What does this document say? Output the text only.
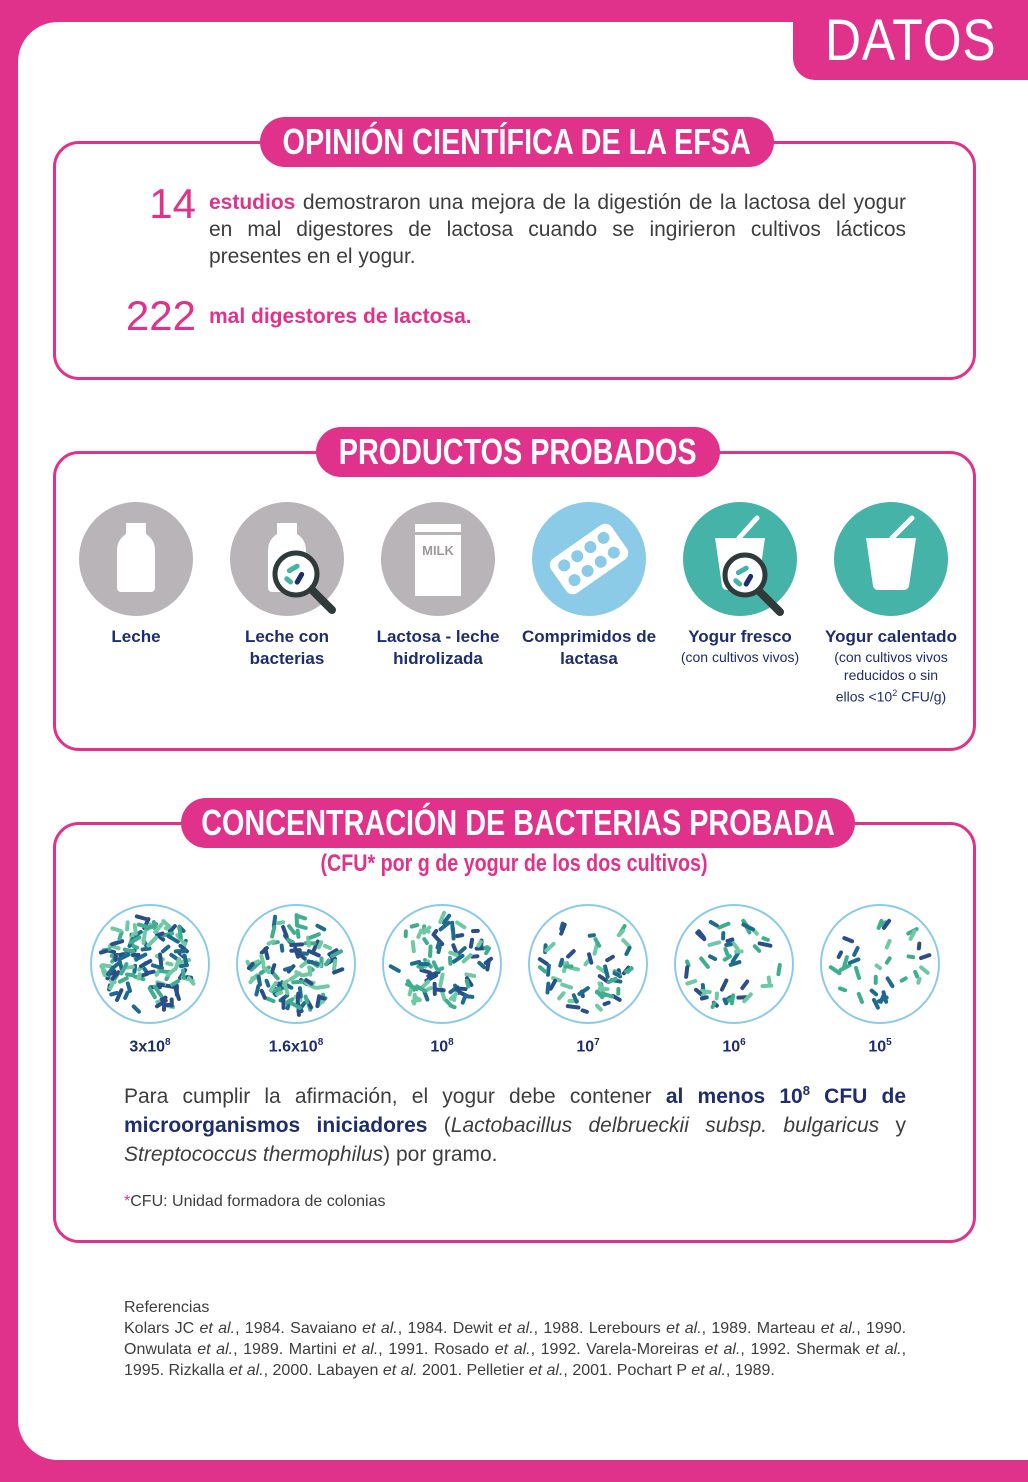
DATOS
OPINIÓN CIENTÍFICA DE LA EFSA
14 estudios demostraron una mejora de la digestión de la lactosa del yogur en mal digestores de lactosa cuando se ingirieron cultivos lácticos presentes en el yogur.
222 mal digestores de lactosa.
PRODUCTOS PROBADOS
Leche	Leche con bacterias
MILK
Lactosa - leche hidrolizada
Comprimidos de lactasa
Yogur fresco
(con cultivos vivos)
Yogur calentado
(con cultivos vivos
reducidos o sin
ellos $<10^2$ CFU/g)
CONCENTRACIÓN DE BACTERIAS PROBADA
(CFU* por g de yogur de los dos cultivos)
$3x10^8$	$1.6x10^8$	$10^8$	$10^7$	$10^6$	$10^5$
Para cumplir la afirmación, el yogur debe contener al menos $10^8$ CFU de microorganismos iniciadores (Lactobacillus delbrueckii subsp. bulgaricus y Streptococcus thermophilus) por gramo.
*CFU: Unidad formadora de colonias
Referencias
Kolars JC et al., 1984. Savaiano et al., 1984. Dewit et al., 1988. Lerebours et al., 1989. Marteau et al., 1990. Onwulata et al., 1989. Martini et al., 1991. Rosado et al., 1992. Varela-Moreiras et al., 1992. Shermak et al., 1995. Rizkalla et al., 2000. Labayen et al. 2001. Pelletier et al., 2001. Pochart P et al., 1989.
